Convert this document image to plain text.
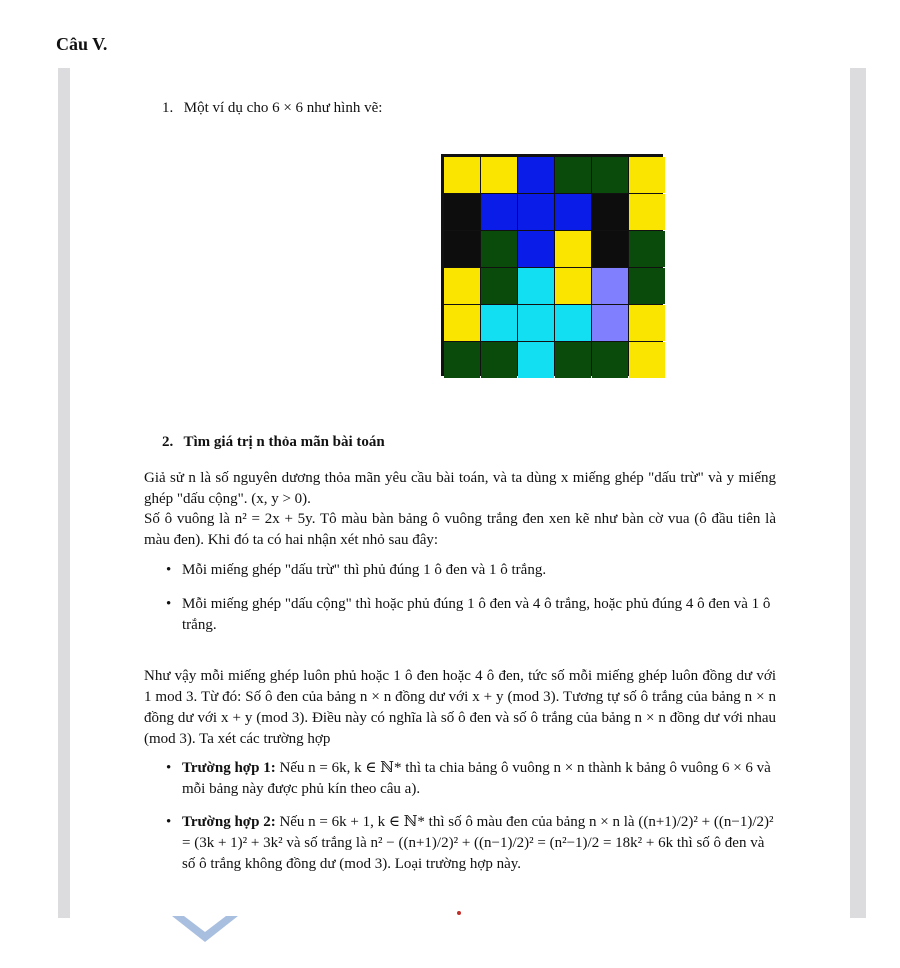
Câu V.
1. Một ví dụ cho 6 × 6 như hình vẽ:
2. Tìm giá trị n thỏa mãn bài toán
Giả sử n là số nguyên dương thỏa mãn yêu cầu bài toán, và ta dùng x miếng ghép "dấu trừ" và y miếng ghép "dấu cộng". (x, y > 0).
Số ô vuông là n² = 2x + 5y. Tô màu bàn bảng ô vuông trắng đen xen kẽ như bàn cờ vua (ô đầu tiên là màu đen). Khi đó ta có hai nhận xét nhỏ sau đây:
• Mỗi miếng ghép "dấu trừ" thì phủ đúng 1 ô đen và 1 ô trắng.
• Mỗi miếng ghép "dấu cộng" thì hoặc phủ đúng 1 ô đen và 4 ô trắng, hoặc phủ đúng 4 ô đen và 1 ô trắng.
Như vậy mỗi miếng ghép luôn phủ hoặc 1 ô đen hoặc 4 ô đen, tức số mỗi miếng ghép luôn đồng dư với 1 mod 3. Từ đó: Số ô đen của bảng n × n đồng dư với x + y (mod 3). Tương tự số ô trắng của bảng n × n đồng dư với x + y (mod 3). Điều này có nghĩa là số ô đen và số ô trắng của bảng n × n đồng dư với nhau (mod 3). Ta xét các trường hợp
• Trường hợp 1: Nếu n = 6k, k ∈ ℕ* thì ta chia bảng ô vuông n × n thành k bảng ô vuông 6 × 6 và mỗi bảng này được phủ kín theo câu a).
• Trường hợp 2: Nếu n = 6k + 1, k ∈ ℕ* thì số ô màu đen của bảng n × n là ((n+1)/2)² + ((n−1)/2)² = (3k + 1)² + 3k² và số trắng là n² − ((n+1)/2)² + ((n−1)/2)² = (n²−1)/2 = 18k² + 6k thì số ô đen và số ô trắng không đồng dư (mod 3). Loại trường hợp này.
